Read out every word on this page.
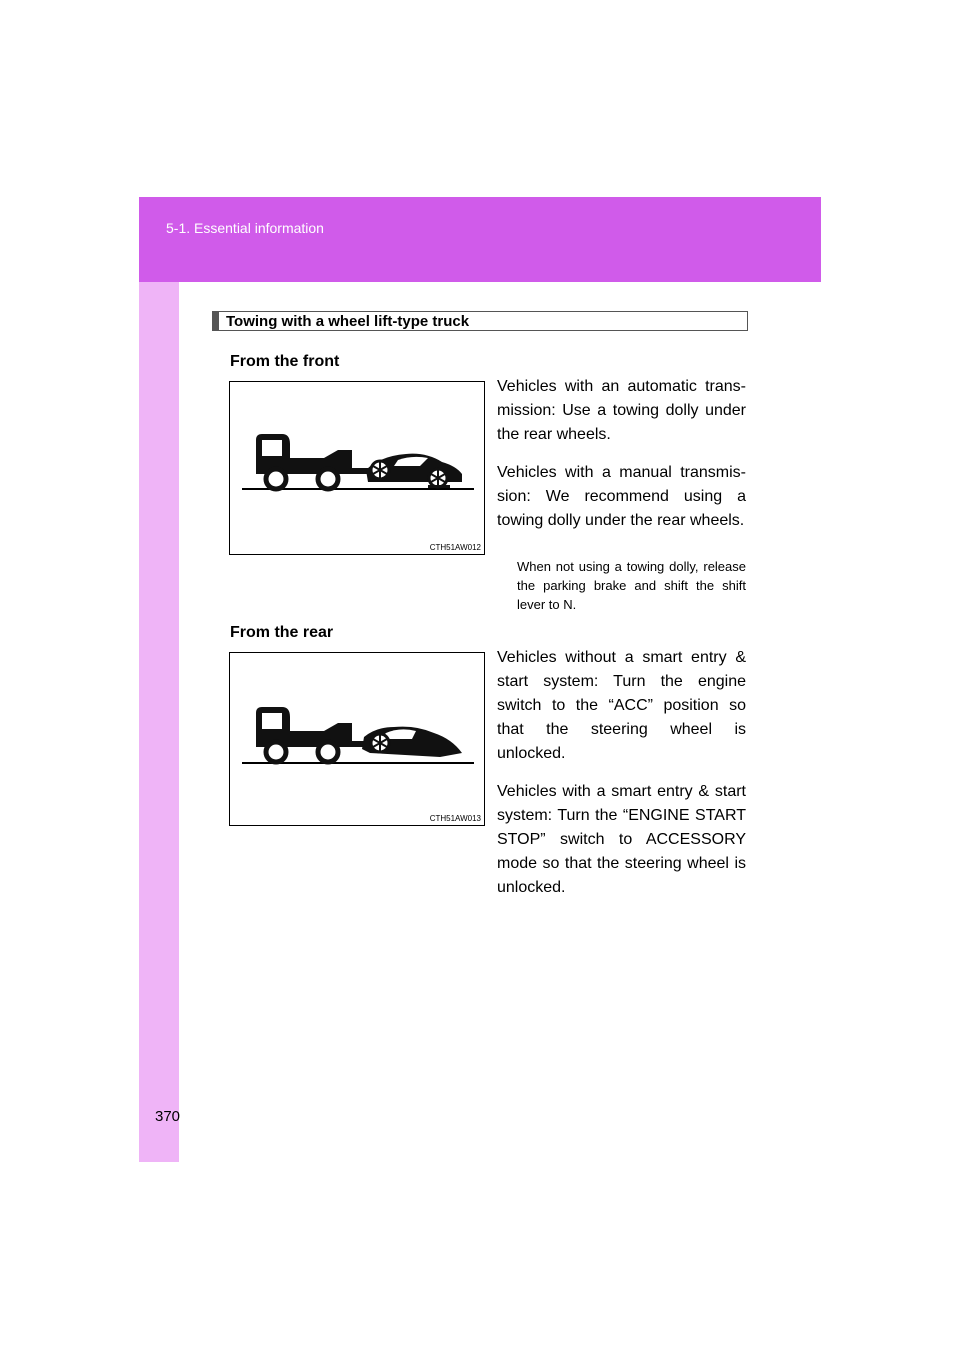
5-1. Essential information
Towing with a wheel lift-type truck
From the front
CTH51AW012

Vehicles with an automatic trans-mission: Use a towing dolly under the rear wheels.

Vehicles with a manual transmis-sion: We recommend using a towing dolly under the rear wheels.

When not using a towing dolly, release the parking brake and shift the shift lever to N.
From the rear
CTH51AW013

Vehicles without a smart entry & start system: Turn the engine switch to the “ACC” position so that the steering wheel is unlocked.

Vehicles with a smart entry & start system: Turn the “ENGINE START STOP” switch to ACCESSORY mode so that the steering wheel is unlocked.

370
